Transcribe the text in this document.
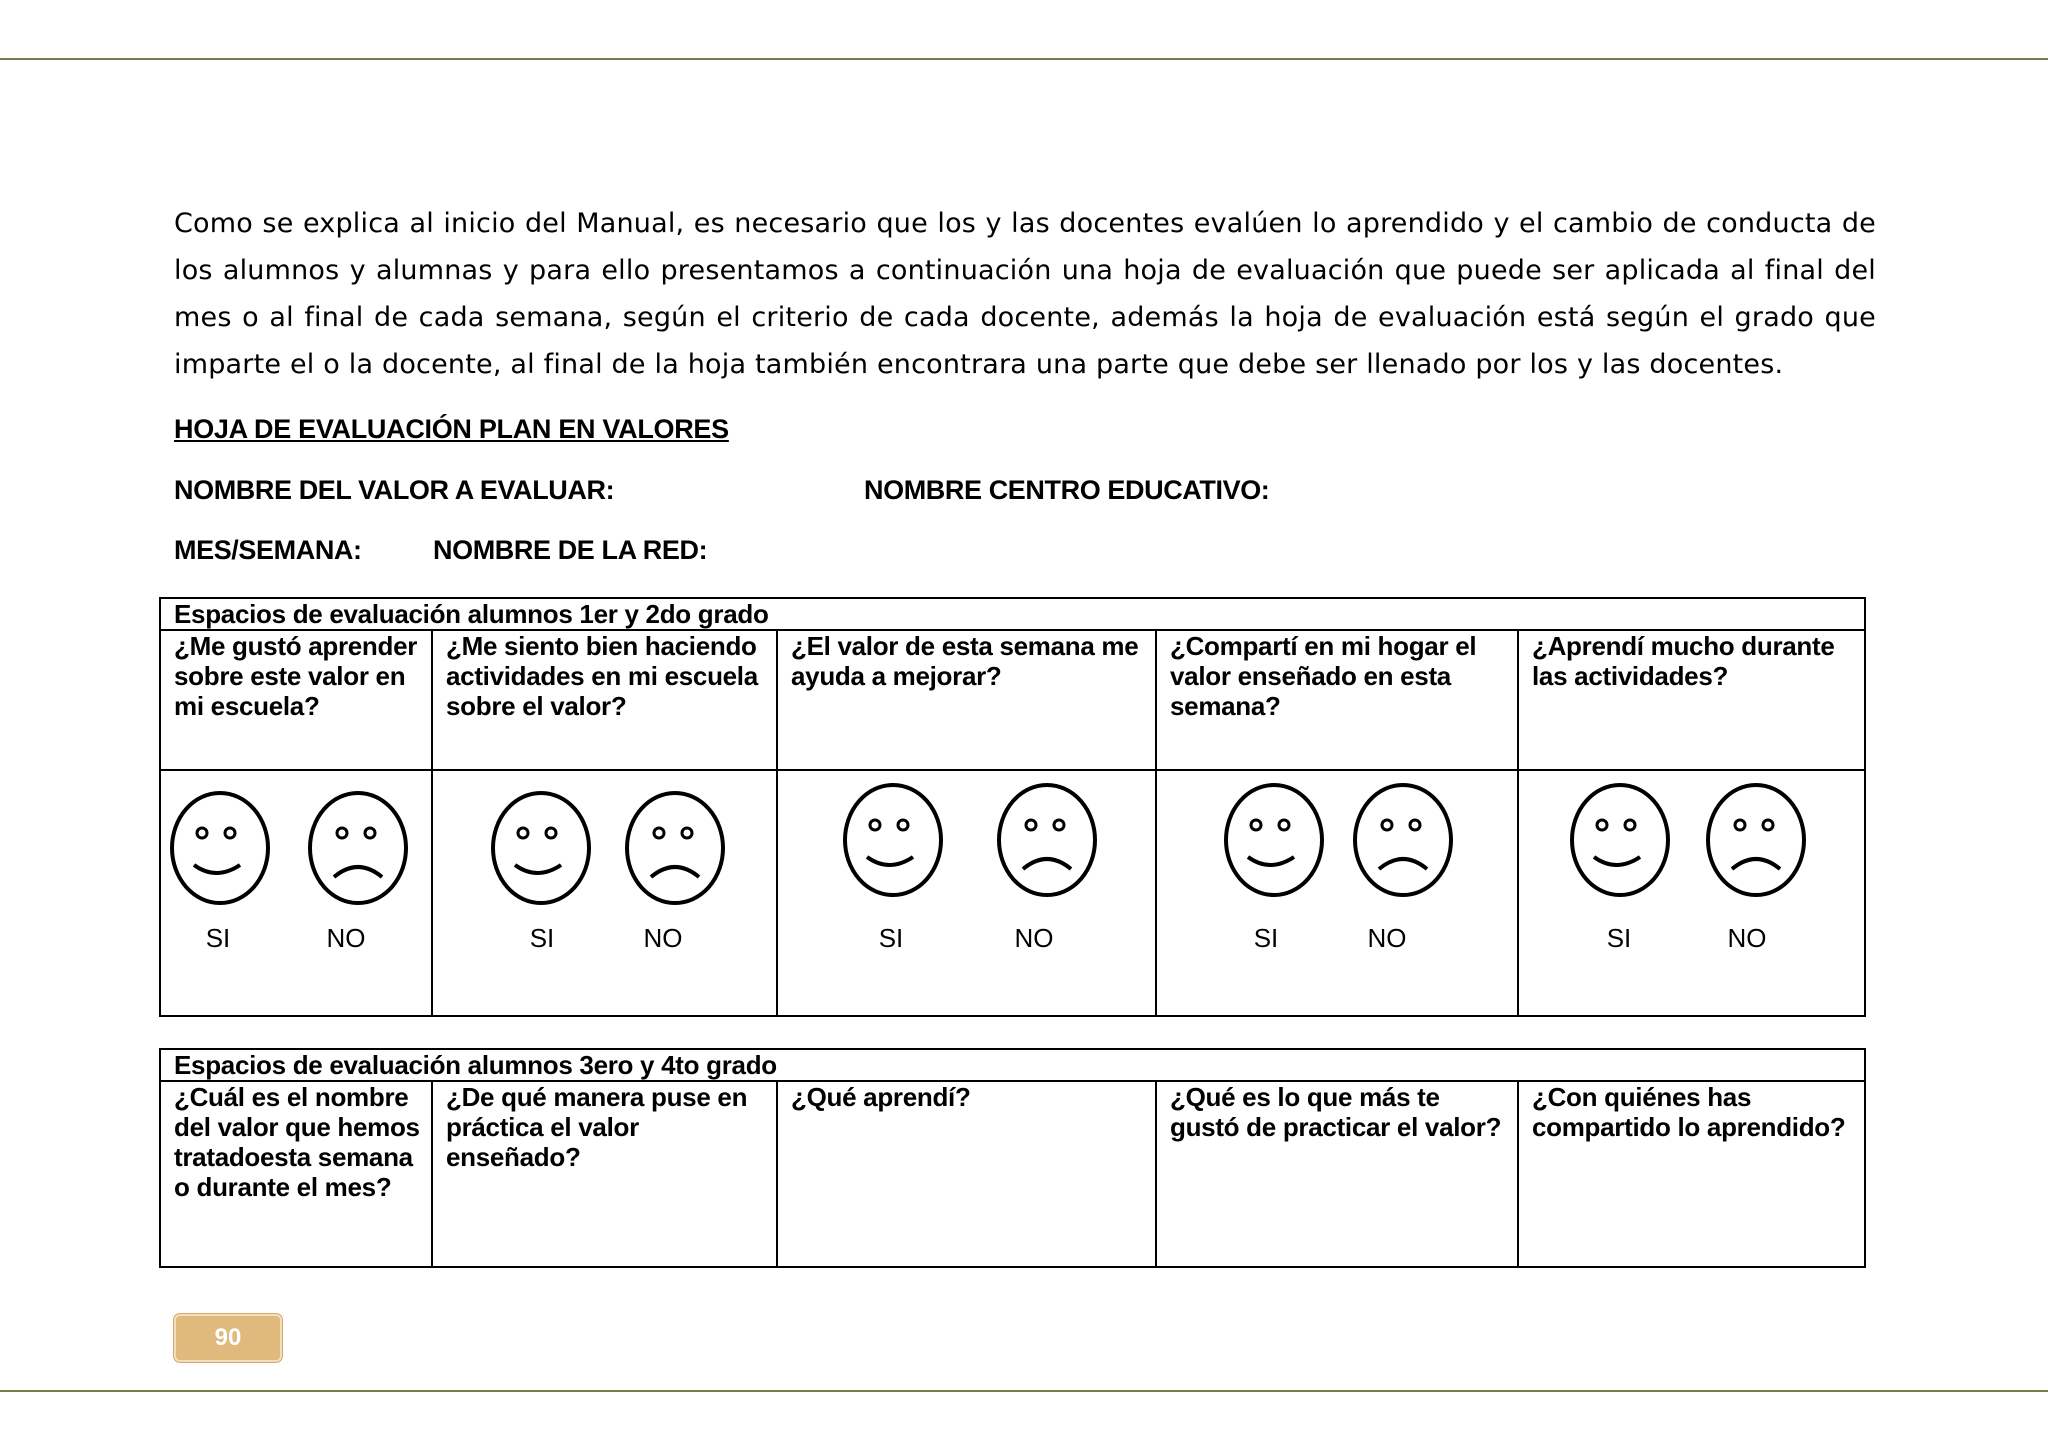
Como se explica al inicio del Manual, es necesario que los y las docentes evalúen lo aprendido y el cambio de conducta de los alumnos y alumnas y para ello presentamos a continuación una hoja de evaluación que puede ser aplicada al final del mes o al final de cada semana, según el criterio de cada docente, además la hoja de evaluación está según el grado que imparte el o la docente, al final de la hoja también encontrara una parte que debe ser llenado por los y las docentes.

HOJA DE EVALUACIÓN PLAN EN VALORES
NOMBRE DEL VALOR A EVALUAR:	NOMBRE CENTRO EDUCATIVO:
MES/SEMANA:	NOMBRE DE LA RED:
Espacios de evaluación alumnos 1er y 2do grado				
¿Me gustó aprender sobre este valor en mi escuela?	¿Me siento bien haciendo actividades en mi escuela sobre el valor?	¿El valor de esta semana me ayuda a mejorar?	¿Compartí en mi hogar el valor enseñado en esta semana?	¿Aprendí mucho durante las actividades?

SI NO	SI NO	SI NO	SI NO	SI NO
Espacios de evaluación alumnos 3ero y 4to grado
¿Cuál es el nombre del valor que hemos tratadoesta semana o durante el mes?	¿De qué manera puse en práctica el valor enseñado?	¿Qué aprendí?	¿Qué es lo que más te gustó de practicar el valor?	¿Con quiénes has compartido lo aprendido?
90
